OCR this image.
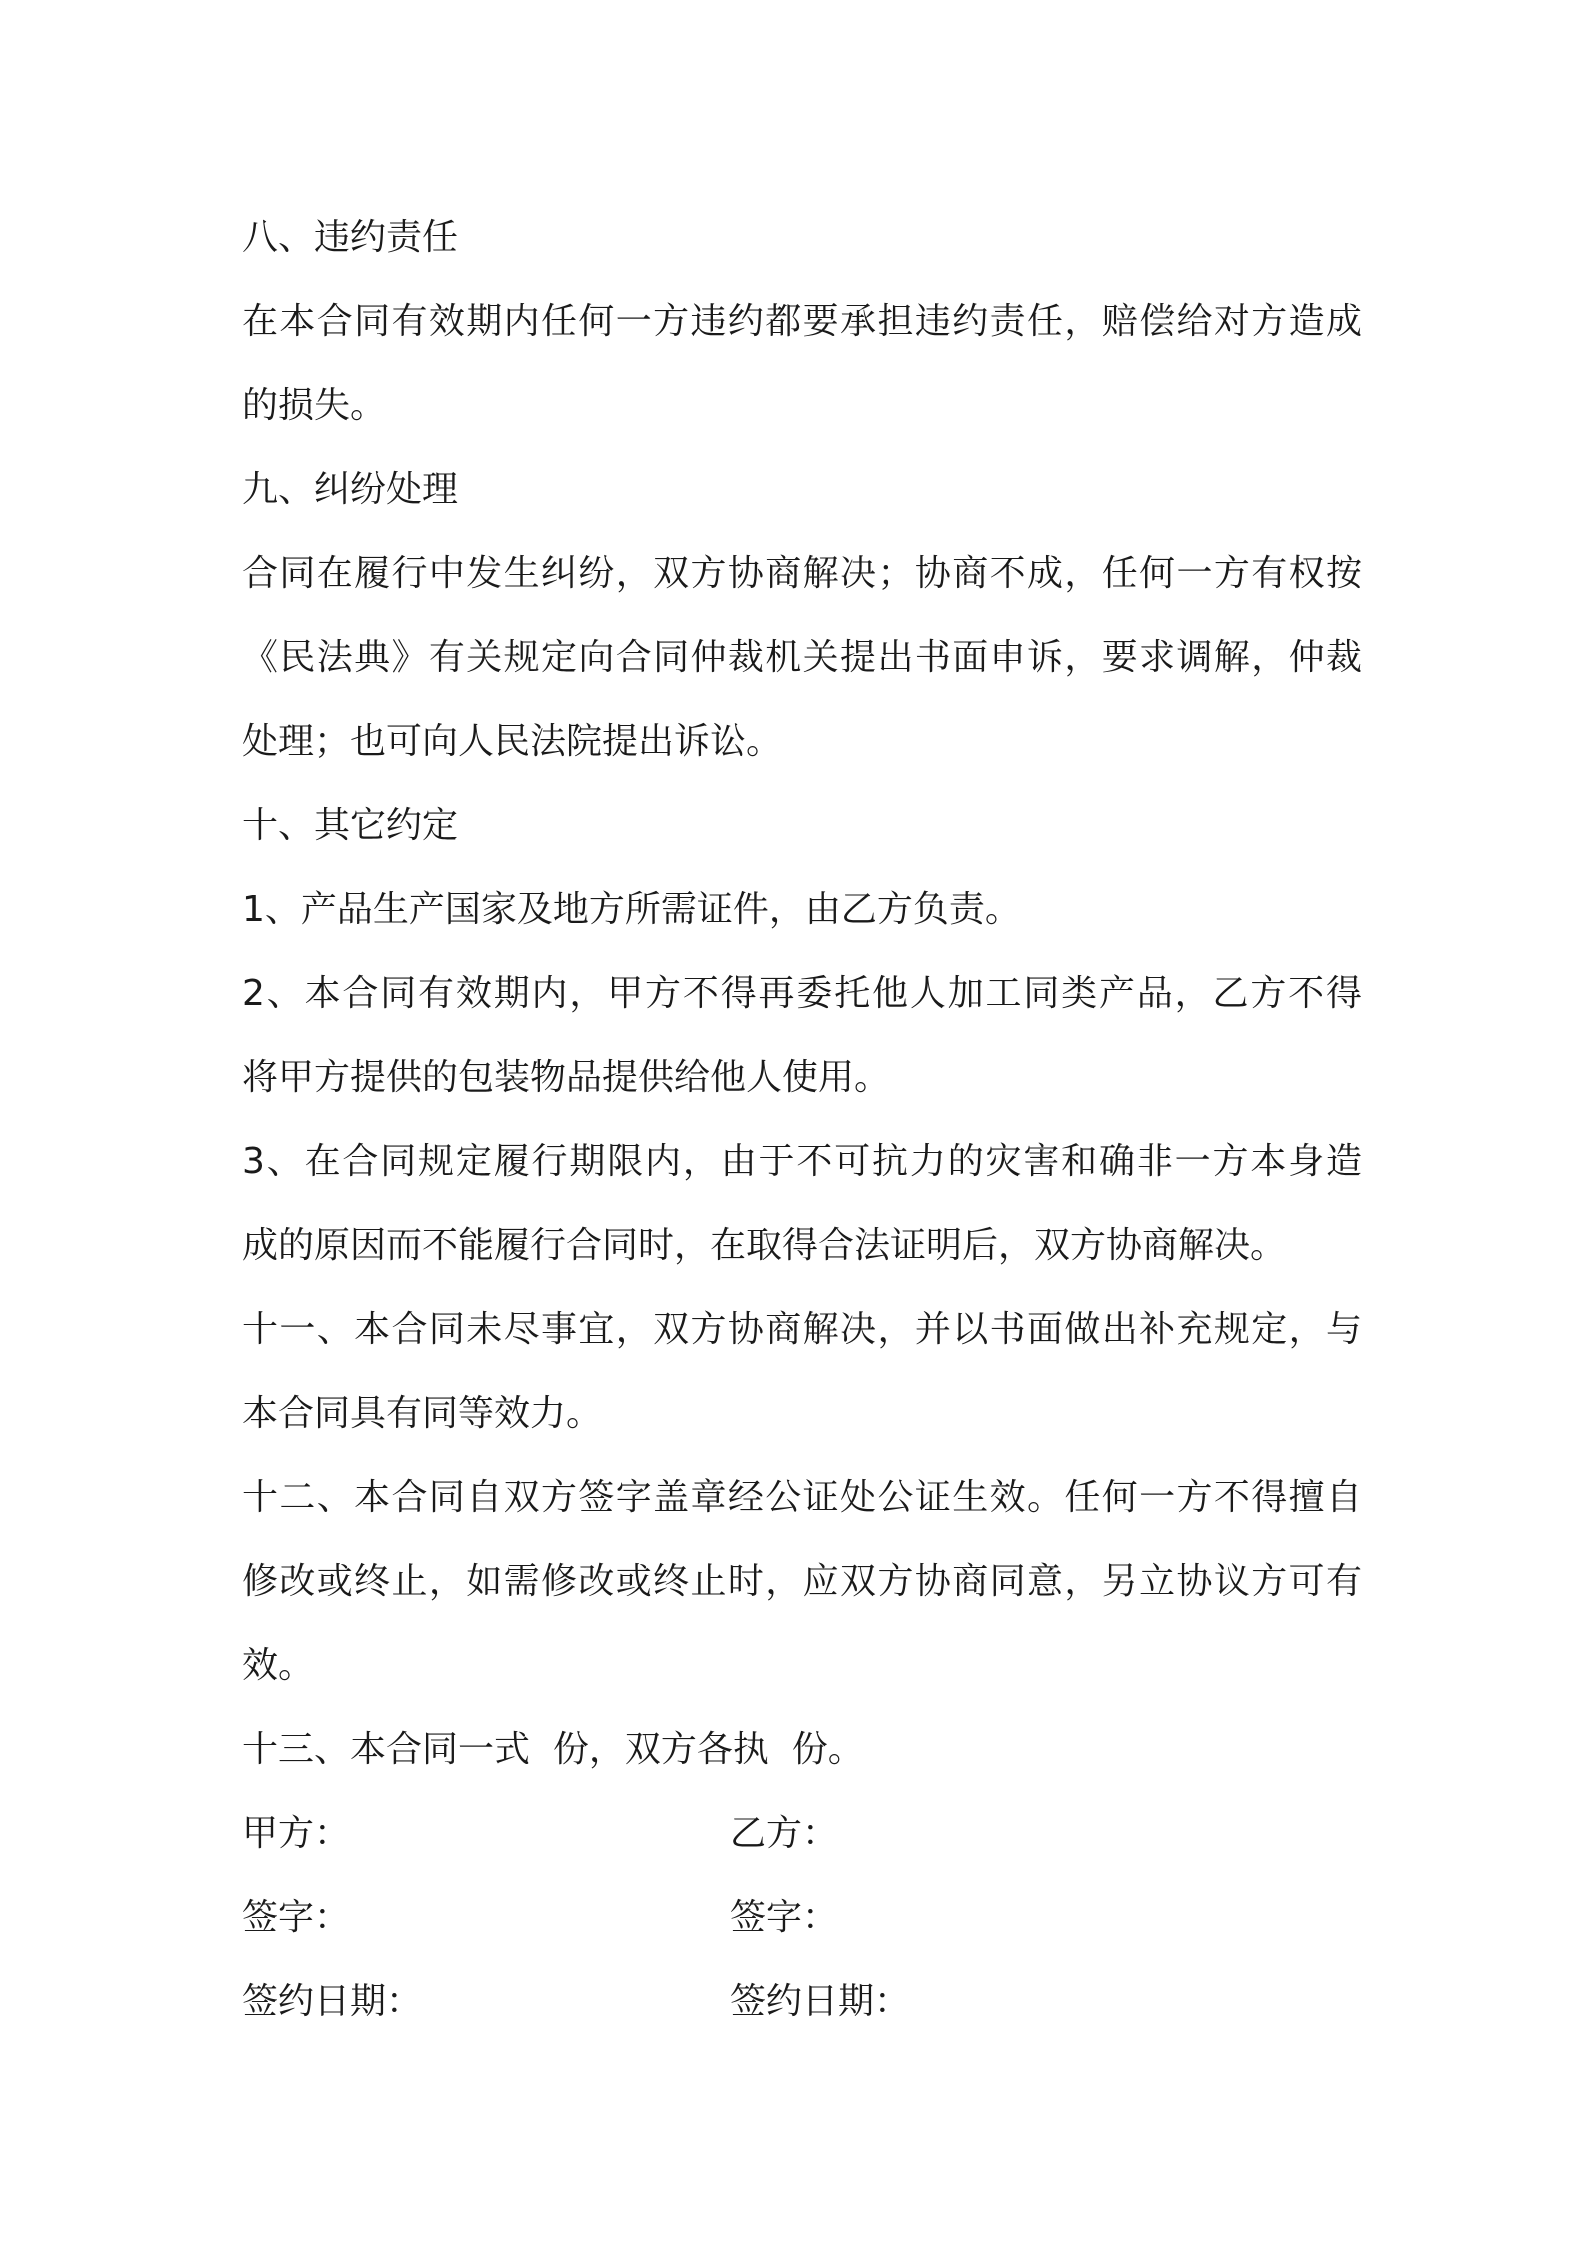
八、违约责任
在本合同有效期内任何一方违约都要承担违约责任，赔偿给对方造成
的损失。
九、纠纷处理
合同在履行中发生纠纷，双方协商解决；协商不成，任何一方有权按
《民法典》有关规定向合同仲裁机关提出书面申诉，要求调解，仲裁
处理；也可向人民法院提出诉讼。
十、其它约定
1、产品生产国家及地方所需证件，由乙方负责。
2、本合同有效期内，甲方不得再委托他人加工同类产品，乙方不得
将甲方提供的包装物品提供给他人使用。
3、在合同规定履行期限内，由于不可抗力的灾害和确非一方本身造
成的原因而不能履行合同时，在取得合法证明后，双方协商解决。
十一、本合同未尽事宜，双方协商解决，并以书面做出补充规定，与
本合同具有同等效力。
十二、本合同自双方签字盖章经公证处公证生效。任何一方不得擅自
修改或终止，如需修改或终止时，应双方协商同意，另立协议方可有
效。
十三、本合同一式  份，双方各执  份。
甲方：	乙方：
签字：	签字：
签约日期：	签约日期：
